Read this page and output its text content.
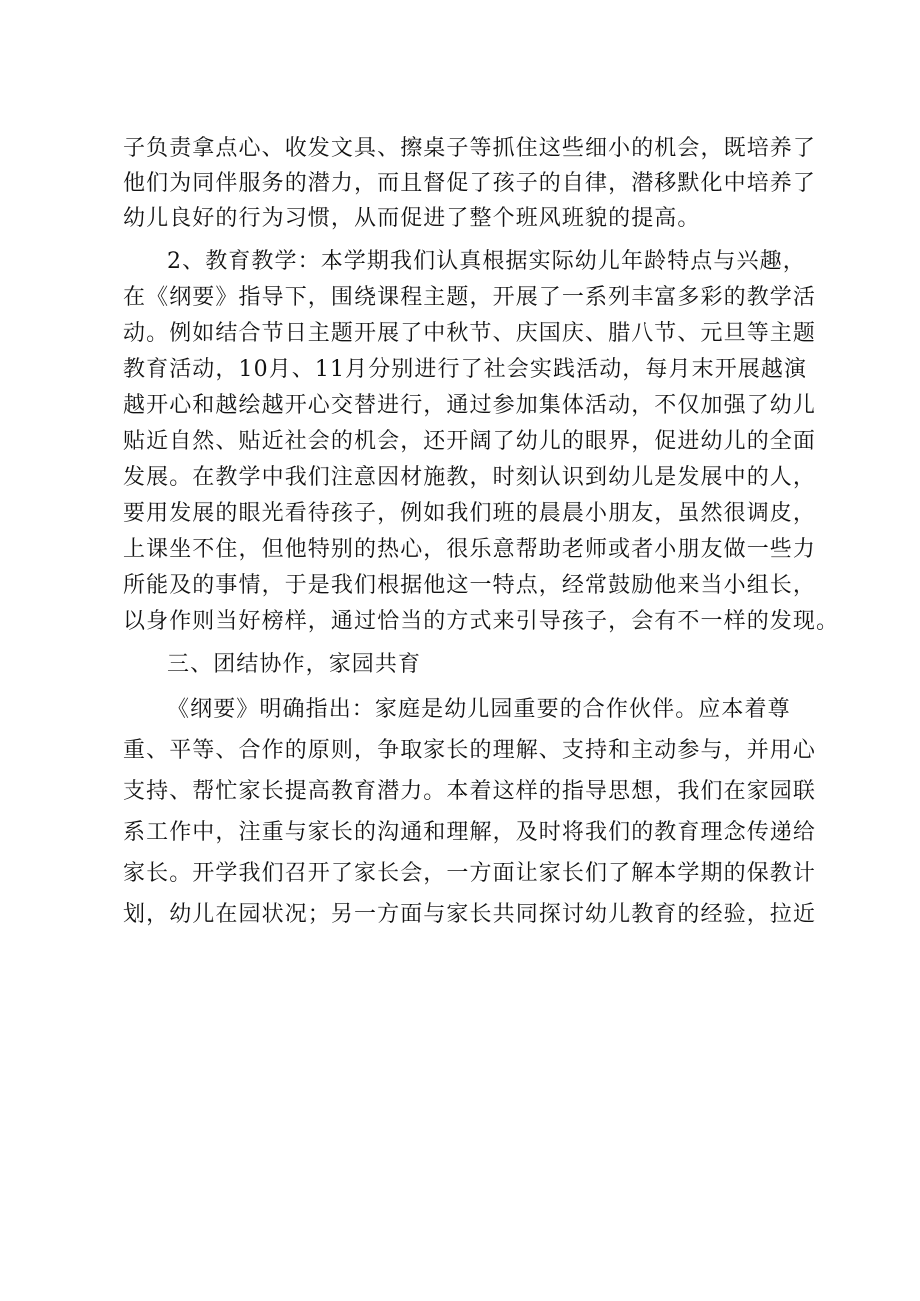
子负责拿点心、收发文具、擦桌子等抓住这些细小的机会，既培养了
他们为同伴服务的潜力，而且督促了孩子的自律，潜移默化中培养了
幼儿良好的行为习惯，从而促进了整个班风班貌的提高。
2、教育教学：本学期我们认真根据实际幼儿年龄特点与兴趣，
在《纲要》指导下，围绕课程主题，开展了一系列丰富多彩的教学活
动。例如结合节日主题开展了中秋节、庆国庆、腊八节、元旦等主题
教育活动，10月、11月分别进行了社会实践活动，每月末开展越演
越开心和越绘越开心交替进行，通过参加集体活动，不仅加强了幼儿
贴近自然、贴近社会的机会，还开阔了幼儿的眼界，促进幼儿的全面
发展。在教学中我们注意因材施教，时刻认识到幼儿是发展中的人，
要用发展的眼光看待孩子，例如我们班的晨晨小朋友，虽然很调皮，
上课坐不住，但他特别的热心，很乐意帮助老师或者小朋友做一些力
所能及的事情，于是我们根据他这一特点，经常鼓励他来当小组长，
以身作则当好榜样，通过恰当的方式来引导孩子，会有不一样的发现。
三、团结协作，家园共育
《纲要》明确指出：家庭是幼儿园重要的合作伙伴。应本着尊
重、平等、合作的原则，争取家长的理解、支持和主动参与，并用心
支持、帮忙家长提高教育潜力。本着这样的指导思想，我们在家园联
系工作中，注重与家长的沟通和理解，及时将我们的教育理念传递给
家长。开学我们召开了家长会，一方面让家长们了解本学期的保教计
划，幼儿在园状况；另一方面与家长共同探讨幼儿教育的经验，拉近
